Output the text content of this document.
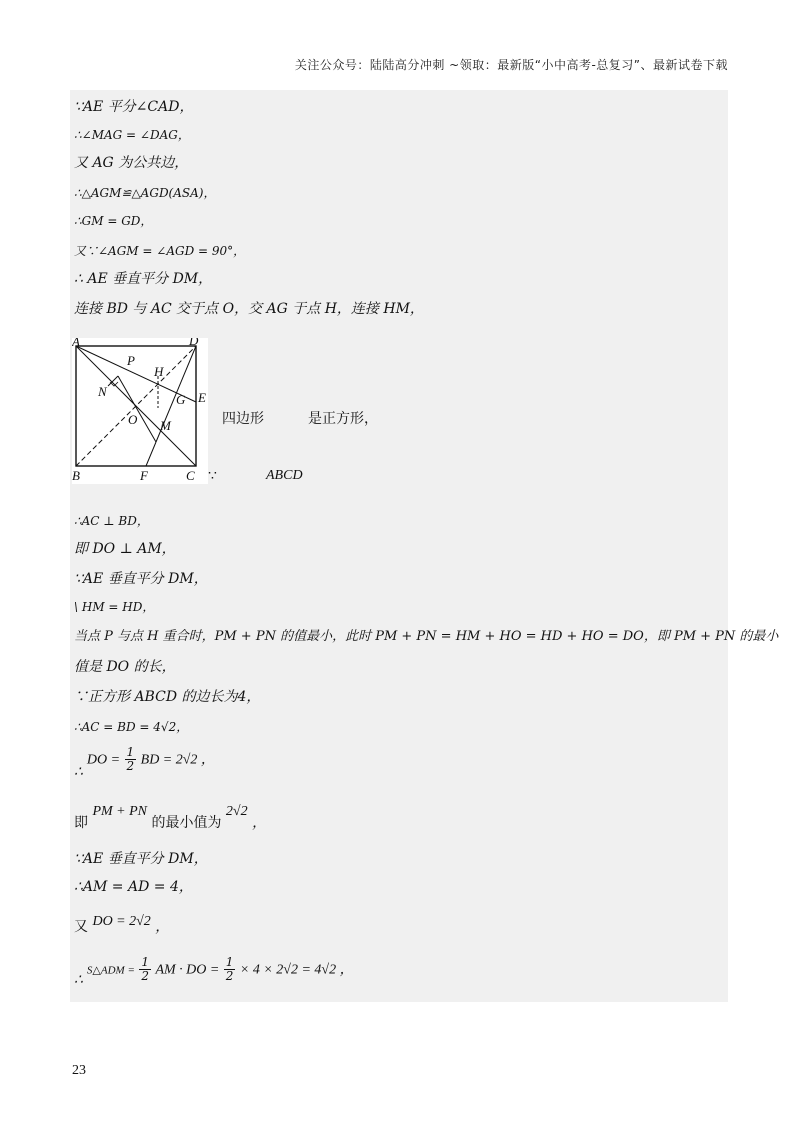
关注公众号：陆陆高分冲刺 ~领取：最新版“小中高考-总复习”、最新试卷下载
∵AE 平分∠CAD，
∴∠MAG = ∠DAG，
又 AG 为公共边，
∴△AGM≌△AGD(ASA)，
∴GM = GD，
又∵∠AGM = ∠AGD = 90°，
∴ AE 垂直平分 DM，
连接 BD 与 AC 交于点 O，交 AG 于点 H，连接 HM，
四边形	是正方形，
∵	ABCD
∴AC ⊥ BD，
即 DO ⊥ AM，
∵AE 垂直平分 DM，
\ HM = HD，
当点 P 与点 H 重合时，PM + PN 的值最小，此时 PM + PN = HM + HO = HD + HO = DO，即 PM + PN 的最小
值是 DO 的长，
∵正方形 ABCD 的边长为4，
∴AC = BD = 4√2，
∴DO = $\frac{1}{2}$ BD = 2√2 ，
即 PM + PN 的最小值为 2√2 ，
∵AE 垂直平分 DM，
∴AM = AD = 4，
又 DO = 2√2 ，
∴S△ADM = $\frac{1}{2}$ AM · DO = $\frac{1}{2} \times 4 \times 2√2 = 4√2$ ，
A	D
B	C
P
H
N
G E
O M
F
23
